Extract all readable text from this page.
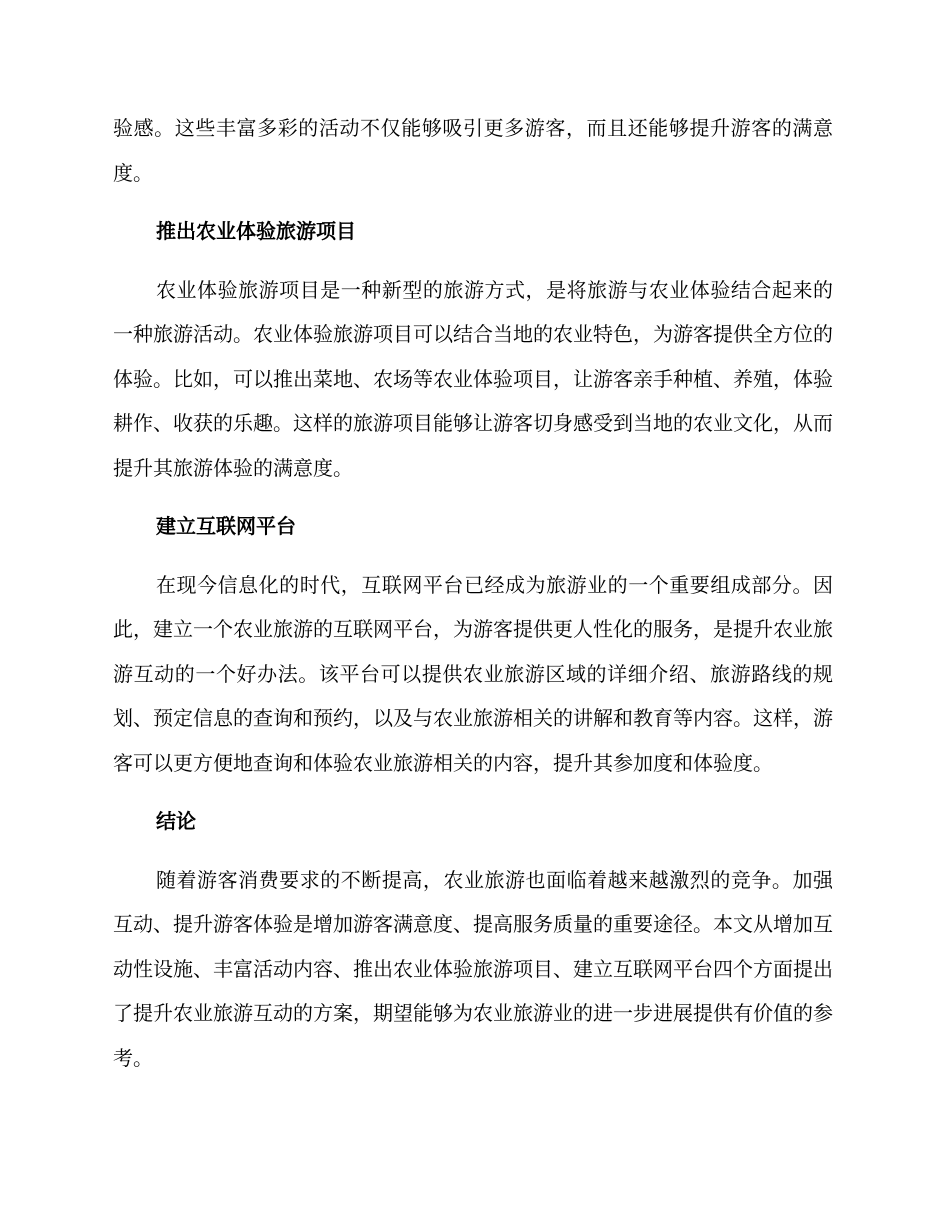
验感。这些丰富多彩的活动不仅能够吸引更多游客，而且还能够提升游客的满意度。

推出农业体验旅游项目

农业体验旅游项目是一种新型的旅游方式，是将旅游与农业体验结合起来的一种旅游活动。农业体验旅游项目可以结合当地的农业特色，为游客提供全方位的体验。比如，可以推出菜地、农场等农业体验项目，让游客亲手种植、养殖，体验耕作、收获的乐趣。这样的旅游项目能够让游客切身感受到当地的农业文化，从而提升其旅游体验的满意度。

建立互联网平台

在现今信息化的时代，互联网平台已经成为旅游业的一个重要组成部分。因此，建立一个农业旅游的互联网平台，为游客提供更人性化的服务，是提升农业旅游互动的一个好办法。该平台可以提供农业旅游区域的详细介绍、旅游路线的规划、预定信息的查询和预约，以及与农业旅游相关的讲解和教育等内容。这样，游客可以更方便地查询和体验农业旅游相关的内容，提升其参加度和体验度。

结论

随着游客消费要求的不断提高，农业旅游也面临着越来越激烈的竞争。加强互动、提升游客体验是增加游客满意度、提高服务质量的重要途径。本文从增加互动性设施、丰富活动内容、推出农业体验旅游项目、建立互联网平台四个方面提出了提升农业旅游互动的方案，期望能够为农业旅游业的进一步进展提供有价值的参考。
